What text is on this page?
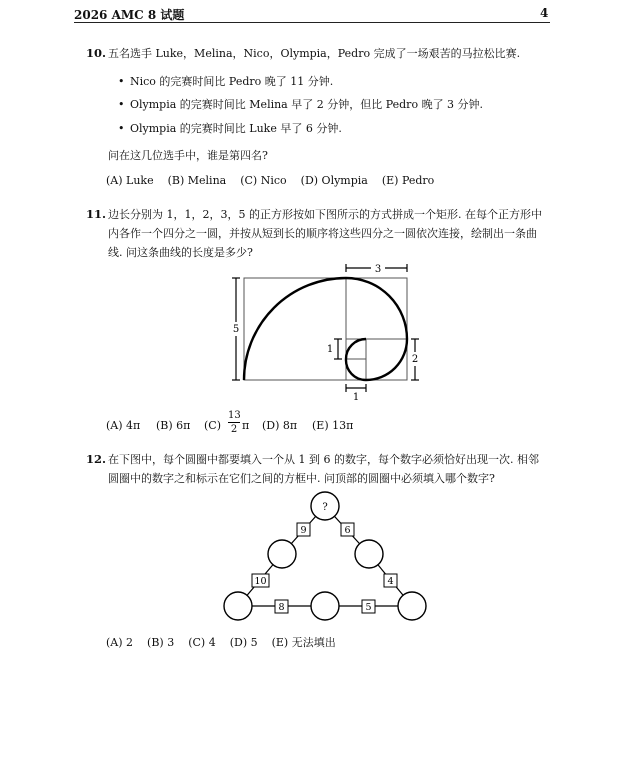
2026 AMC 8 试题	4
10. 五名选手 Luke，Melina，Nico，Olympia，Pedro 完成了一场艰苦的马拉松比赛.
• Nico 的完赛时间比 Pedro 晚了 11 分钟.
• Olympia 的完赛时间比 Melina 早了 2 分钟，但比 Pedro 晚了 3 分钟.
• Olympia 的完赛时间比 Luke 早了 6 分钟.
问在这几位选手中，谁是第四名?
(A) Luke (B) Melina (C) Nico (D) Olympia (E) Pedro
11. 边长分别为 1，1，2，3，5 的正方形按如下图所示的方式拼成一个矩形. 在每个正方形中
内各作一个四分之一圆，并按从短到长的顺序将这些四分之一圆依次连接，绘制出一条曲
线. 问这条曲线的长度是多少?
3
5
1
2
1
(A) 4π (B) 6π $(C) \frac{13}{2}$ π (D) 8π (E) 13π
12. 在下图中，每个圆圈中都要填入一个从 1 到 6 的数字，每个数字必须恰好出现一次. 相邻
圆圈中的数字之和标示在它们之间的方框中. 问顶部的圆圈中必须填入哪个数字?
?
9	6
10	4
8	5
(A) 2 (B) 3 (C) 4 (D) 5 (E) 无法填出
